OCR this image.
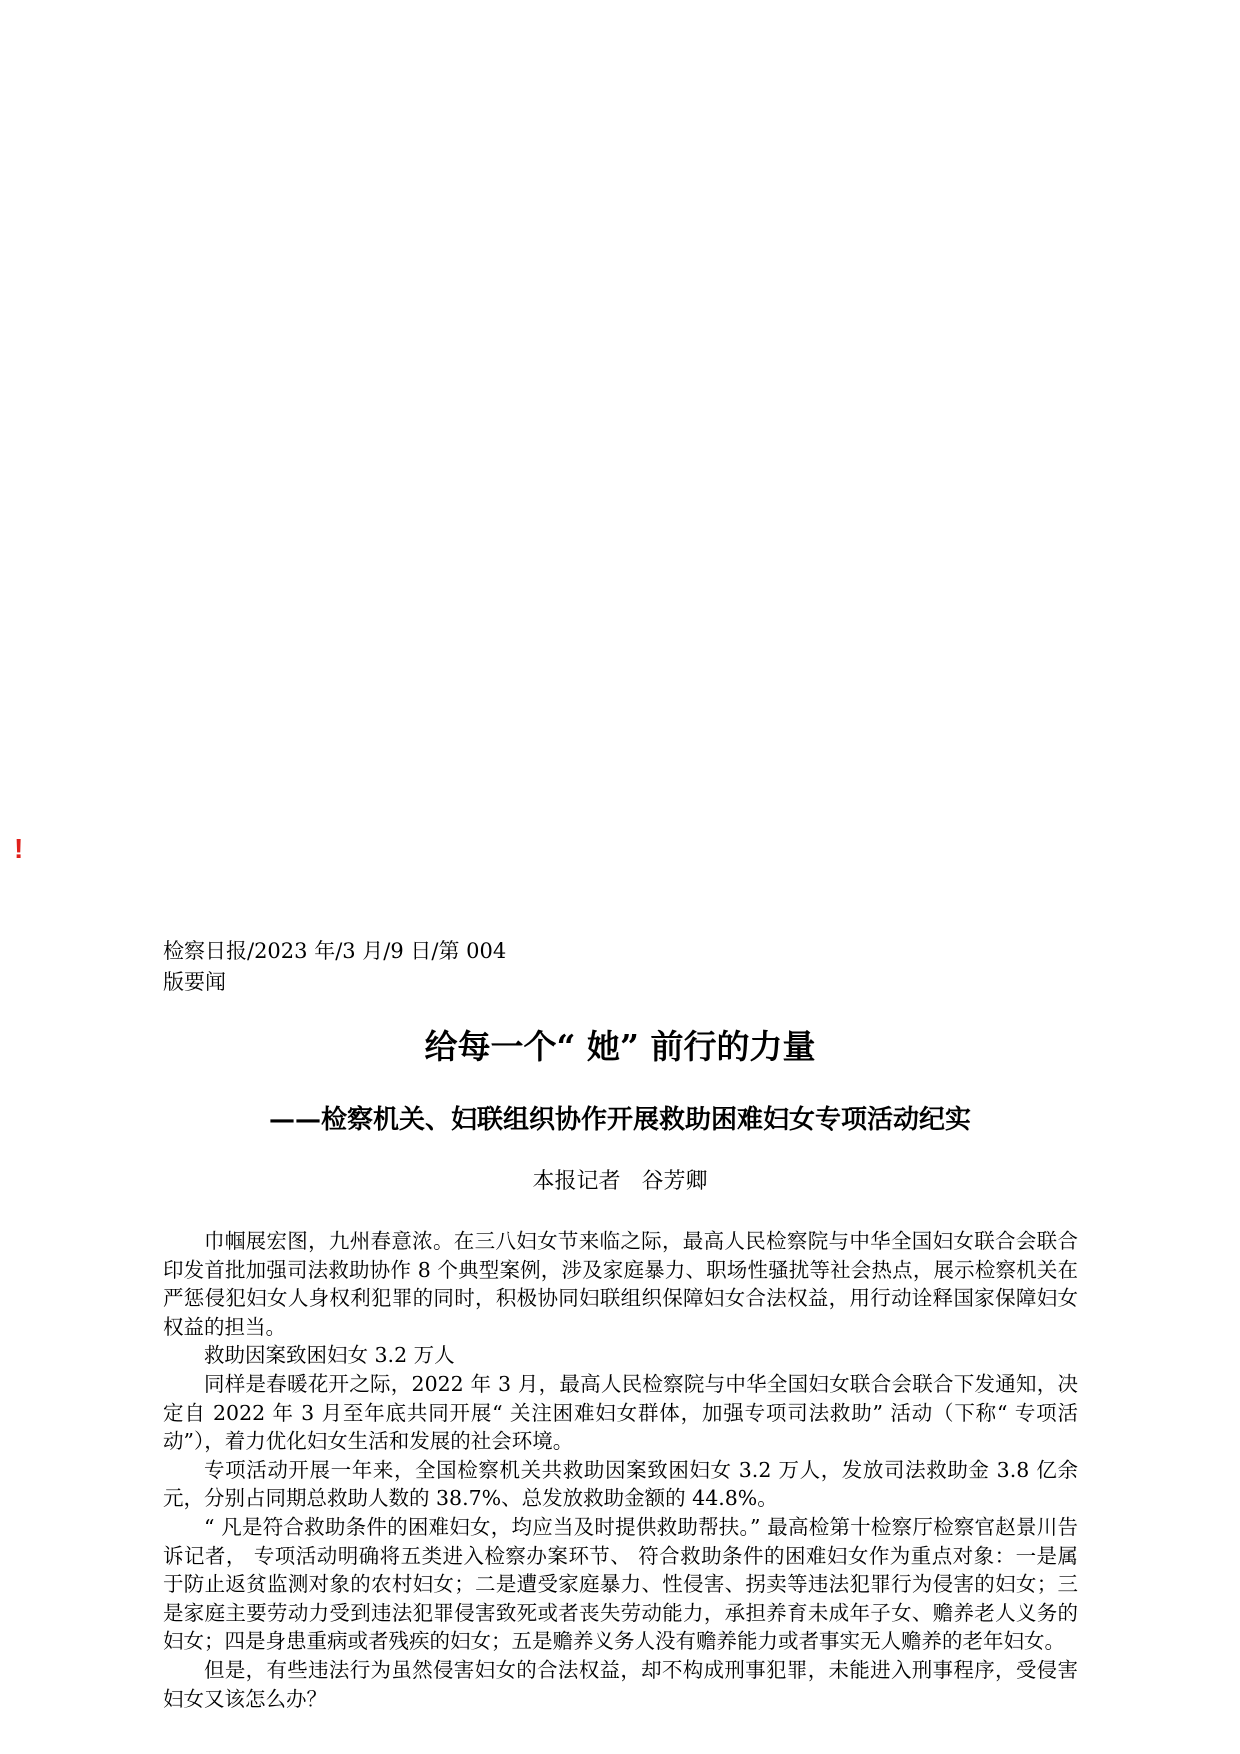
!
检察日报/2023 年/3 月/9 日/第 004
版要闻
给每一个“ 她” 前行的力量
——检察机关、妇联组织协作开展救助困难妇女专项活动纪实
本报记者 谷芳卿

巾帼展宏图，九州春意浓。在三八妇女节来临之际，最高人民检察院与中华全国妇女联合会联合印发首批加强司法救助协作 8 个典型案例，涉及家庭暴力、职场性骚扰等社会热点，展示检察机关在严惩侵犯妇女人身权利犯罪的同时，积极协同妇联组织保障妇女合法权益，用行动诠释国家保障妇女权益的担当。

救助因案致困妇女 3.2 万人

同样是春暖花开之际，2022 年 3 月，最高人民检察院与中华全国妇女联合会联合下发通知，决定自 2022 年 3 月至年底共同开展“ 关注困难妇女群体，加强专项司法救助” 活动（下称“ 专项活动”），着力优化妇女生活和发展的社会环境。

专项活动开展一年来，全国检察机关共救助因案致困妇女 3.2 万人，发放司法救助金 3.8 亿余元，分别占同期总救助人数的 38.7%、总发放救助金额的 44.8%。

“ 凡是符合救助条件的困难妇女，均应当及时提供救助帮扶。” 最高检第十检察厅检察官赵景川告诉记者， 专项活动明确将五类进入检察办案环节、 符合救助条件的困难妇女作为重点对象：一是属于防止返贫监测对象的农村妇女；二是遭受家庭暴力、性侵害、拐卖等违法犯罪行为侵害的妇女；三是家庭主要劳动力受到违法犯罪侵害致死或者丧失劳动能力，承担养育未成年子女、赡养老人义务的妇女；四是身患重病或者残疾的妇女；五是赡养义务人没有赡养能力或者事实无人赡养的老年妇女。

但是，有些违法行为虽然侵害妇女的合法权益，却不构成刑事犯罪，未能进入刑事程序，受侵害妇女又该怎么办？
